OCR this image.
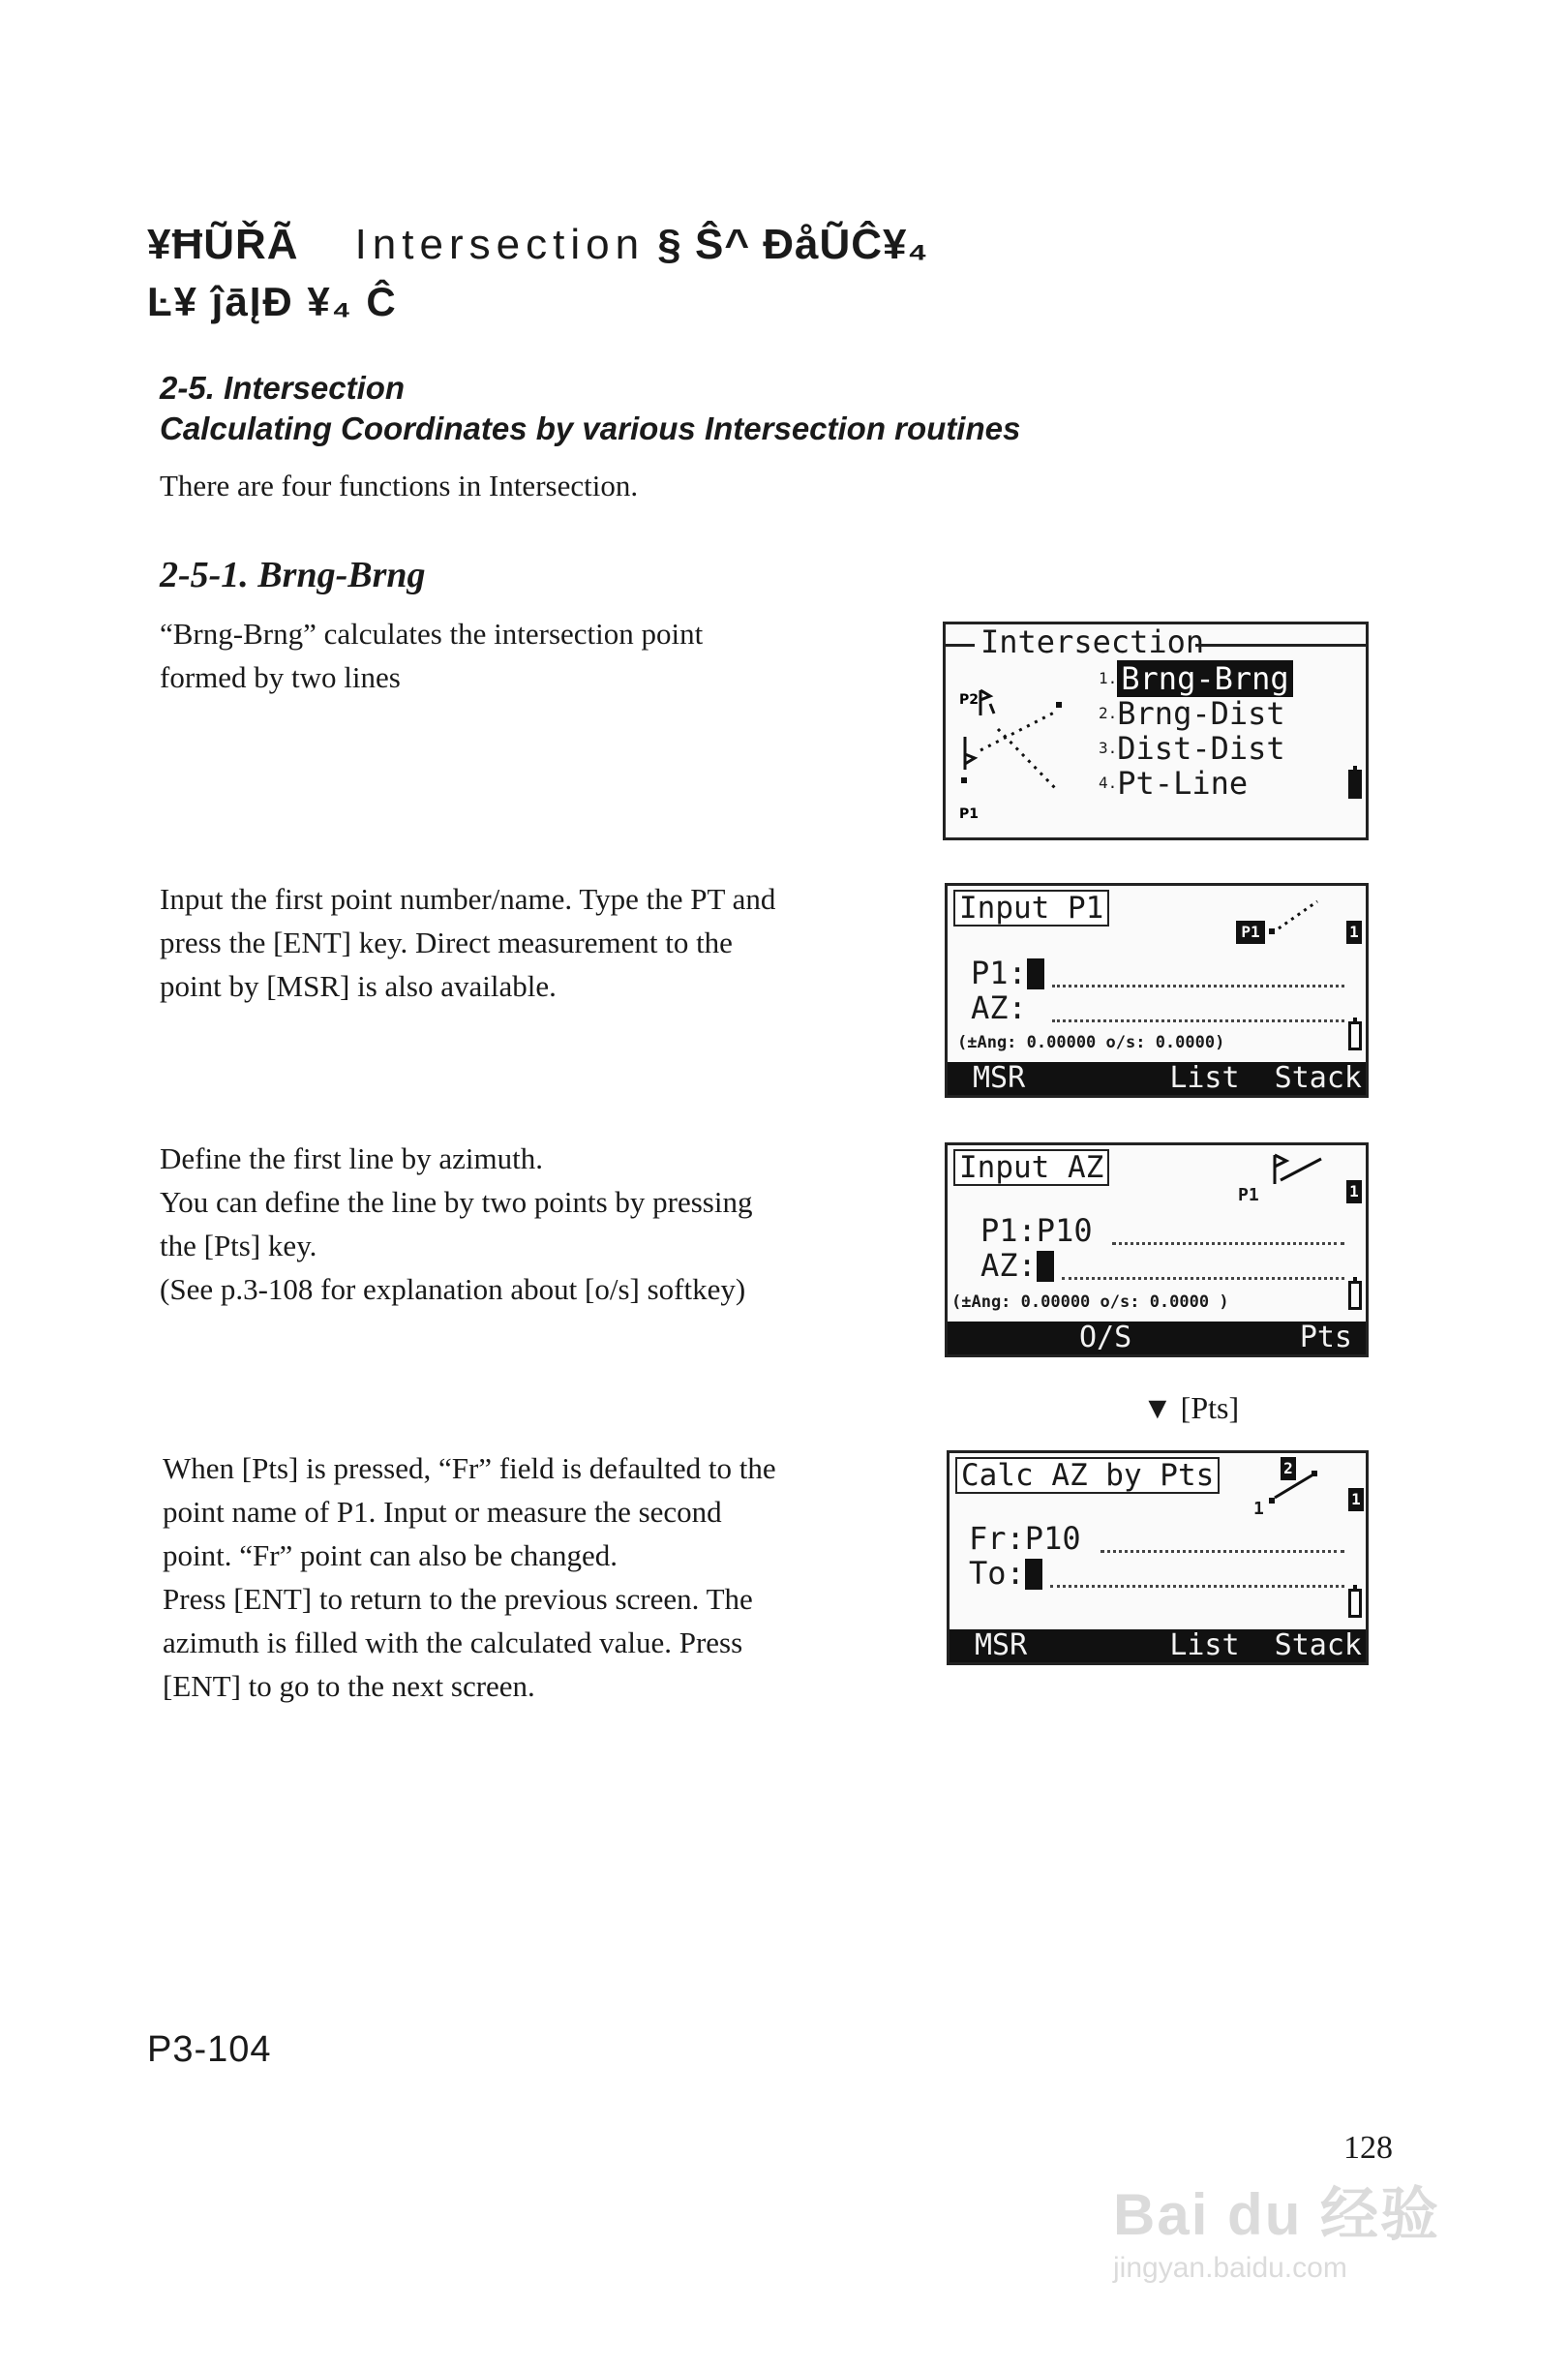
¥ĦŨŘÃ Intersection § Ŝ^ ĐåŨĈ¥₄
Ŀ¥ ĵāĮĐ ¥₄ Ĉ
2-5. Intersection
Calculating Coordinates by various Intersection routines
There are four functions in Intersection.
2-5-1. Brng-Brng
“Brng-Brng” calculates the intersection point
formed by two lines
Intersection
P2
P1
$^{1.}$ Brng-Brng
$^{2.}$Brng-Dist
$^{3.}$Dist-Dist
$^{4.}$Pt-Line
Input the first point number/name. Type the PT and
press the [ENT] key. Direct measurement to the
point by [MSR] is also available.
Input P1
P1	1
P1:
AZ:
(±Ang: 0.00000 o/s: 0.0000)
MSR	List  Stack
Define the first line by azimuth.
You can define the line by two points by pressing
the [Pts] key.
(See p.3-108 for explanation about [o/s] softkey)
Input AZ
P1	1
P1:P10
AZ:
(±Ang: 0.00000 o/s: 0.0000 )
O/S	Pts
▼ [Pts]
When [Pts] is pressed, “Fr” field is defaulted to the
point name of P1. Input or measure the second
point. “Fr” point can also be changed.
Press [ENT] to return to the previous screen. The
azimuth is filled with the calculated value. Press
[ENT] to go to the next screen.
Calc AZ by Pts
1
2
1
Fr:P10
To:
MSR	List  Stack
P3-104
128
Bai du 经验
jingyan.baidu.com
